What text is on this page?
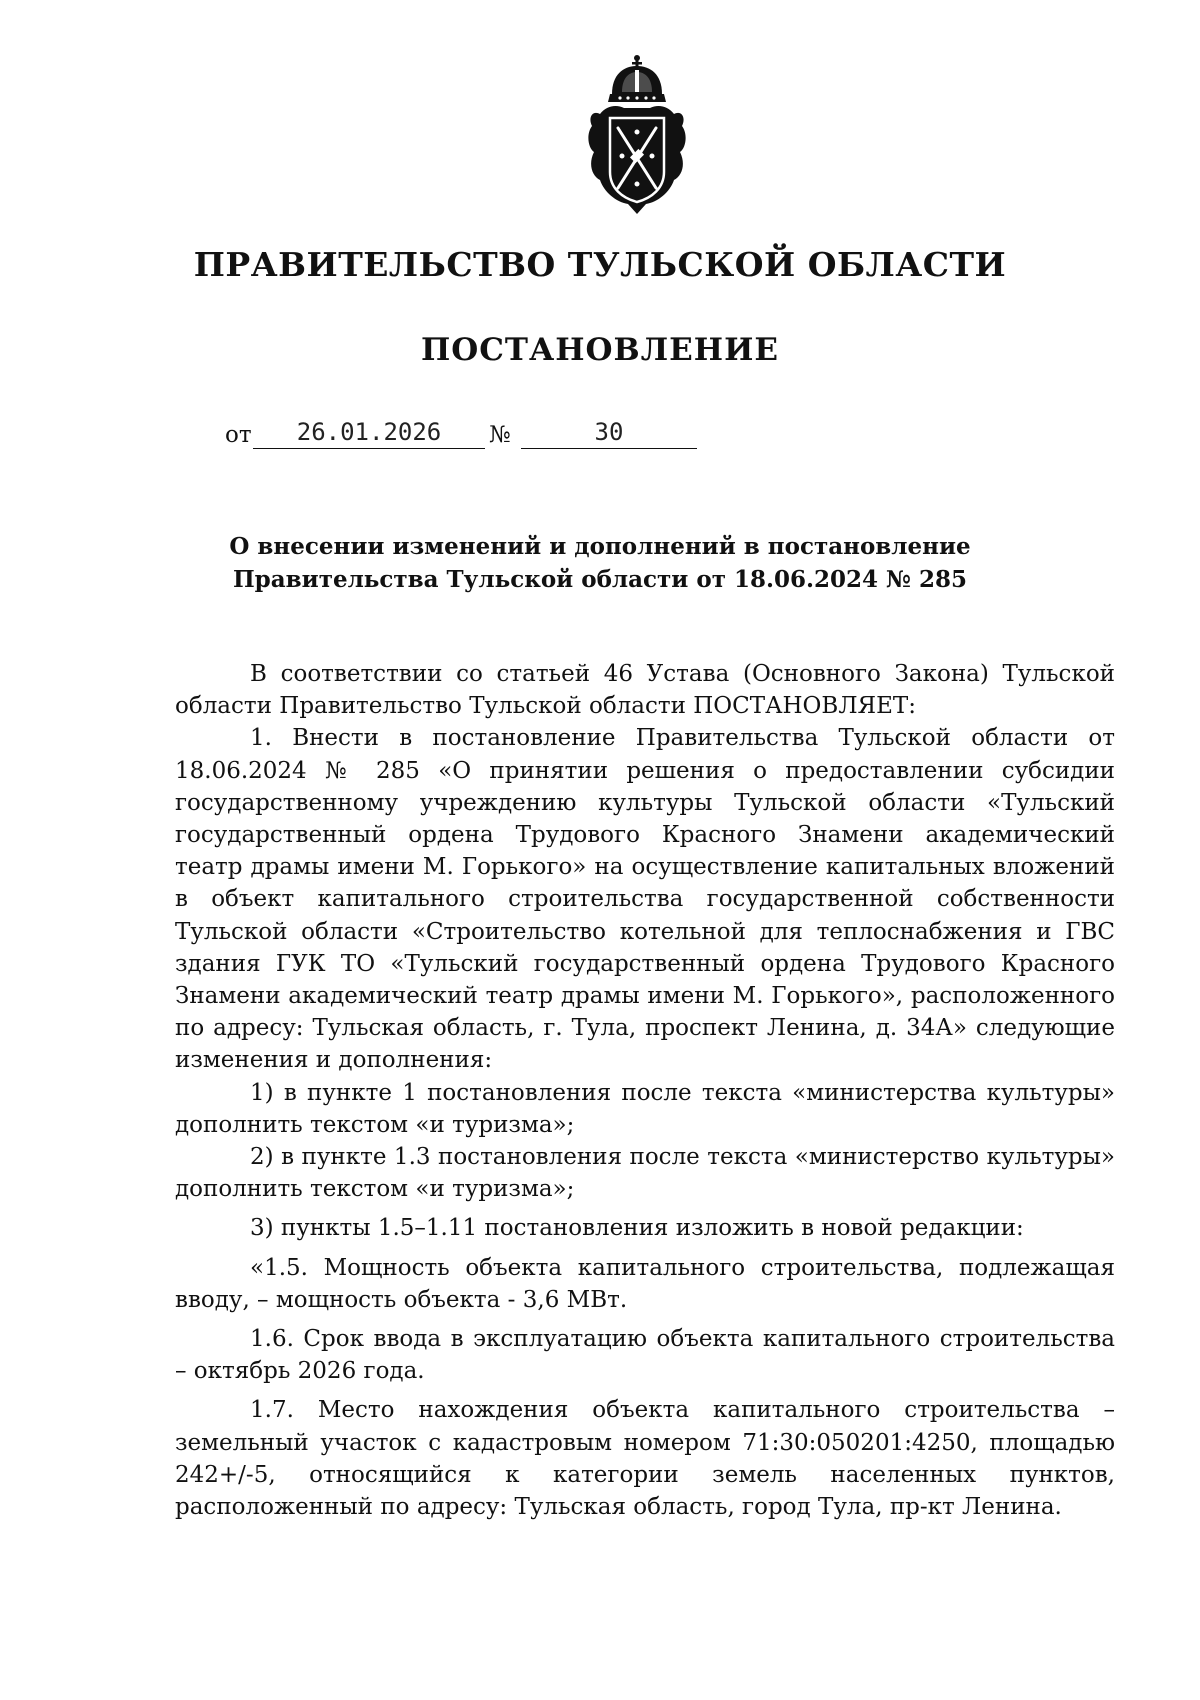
ПРАВИТЕЛЬСТВО ТУЛЬСКОЙ ОБЛАСТИ
ПОСТАНОВЛЕНИЕ
от	26.01.2026	№	30
О внесении изменений и дополнений в постановление
Правительства Тульской области от 18.06.2024 № 285

В соответствии со статьей 46 Устава (Основного Закона) Тульской области Правительство Тульской области ПОСТАНОВЛЯЕТ:

1. Внести в постановление Правительства Тульской области от 18.06.2024 № 285 «О принятии решения о предоставлении субсидии государственному учреждению культуры Тульской области «Тульский государственный ордена Трудового Красного Знамени академический театр драмы имени М. Горького» на осуществление капитальных вложений в объект капитального строительства государственной собственности Тульской области «Строительство котельной для теплоснабжения и ГВС здания ГУК ТО «Тульский государственный ордена Трудового Красного Знамени академический театр драмы имени М. Горького», расположенного по адресу: Тульская область, г. Тула, проспект Ленина, д. 34А» следующие изменения и дополнения:

1) в пункте 1 постановления после текста «министерства культуры» дополнить текстом «и туризма»;

2) в пункте 1.3 постановления после текста «министерство культуры» дополнить текстом «и туризма»;

3) пункты 1.5–1.11 постановления изложить в новой редакции:

«1.5. Мощность объекта капитального строительства, подлежащая вводу, – мощность объекта - 3,6 МВт.

1.6. Срок ввода в эксплуатацию объекта капитального строительства – октябрь 2026 года.

1.7. Место нахождения объекта капитального строительства – земельный участок с кадастровым номером 71:30:050201:4250, площадью 242+/-5, относящийся к категории земель населенных пунктов, расположенный по адресу: Тульская область, город Тула, пр-кт Ленина.
